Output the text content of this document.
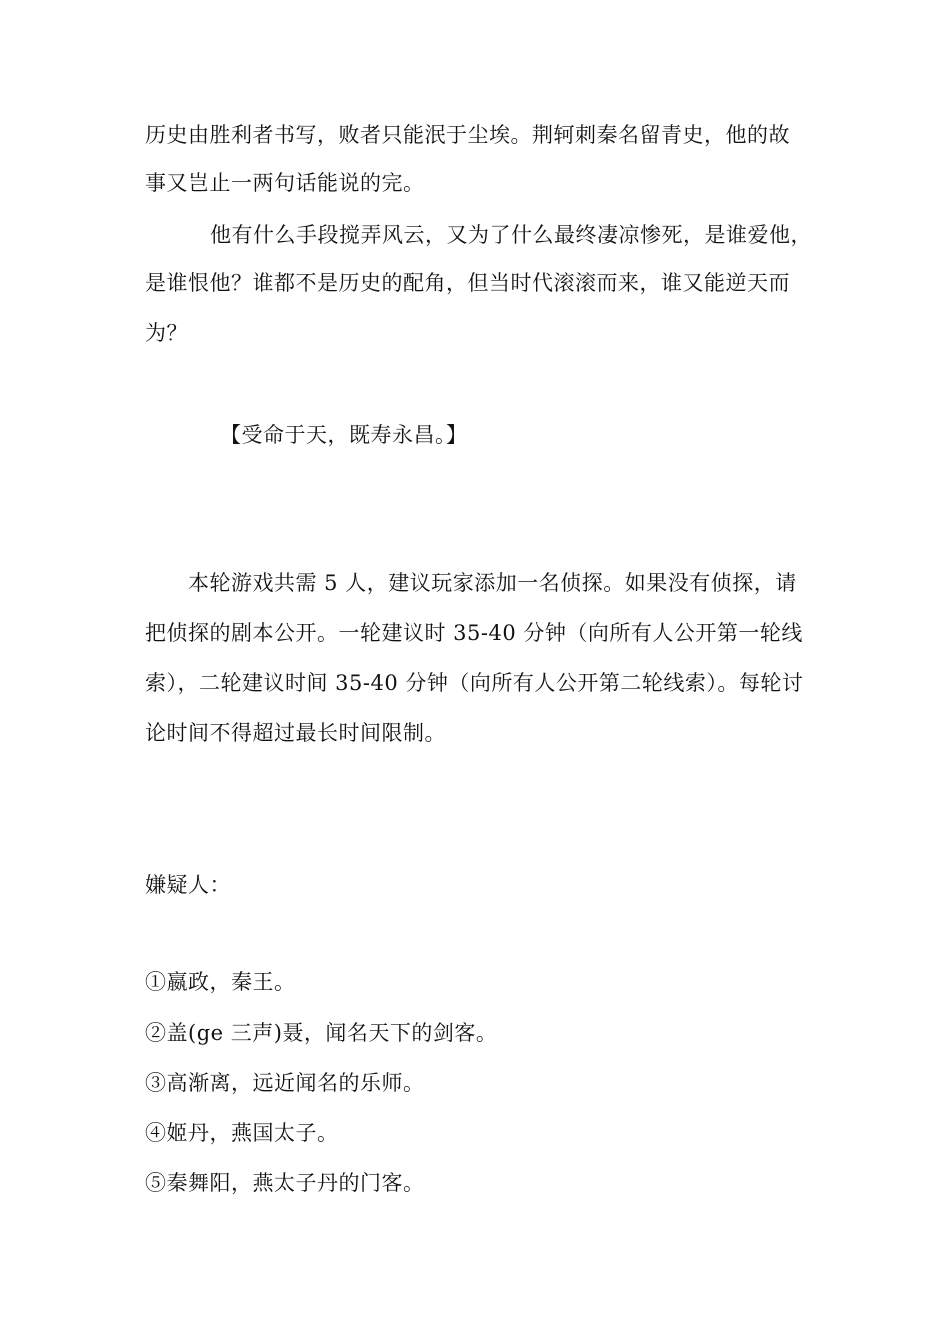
历史由胜利者书写，败者只能泯于尘埃。荆轲刺秦名留青史，他的故
事又岂止一两句话能说的完。
他有什么手段搅弄风云，又为了什么最终凄凉惨死，是谁爱他，
是谁恨他？谁都不是历史的配角，但当时代滚滚而来，谁又能逆天而
为？
【受命于天，既寿永昌。】
本轮游戏共需 5 人，建议玩家添加一名侦探。如果没有侦探，请
把侦探的剧本公开。一轮建议时 35-40 分钟（向所有人公开第一轮线
索），二轮建议时间 35-40 分钟（向所有人公开第二轮线索）。每轮讨
论时间不得超过最长时间限制。
嫌疑人：
①嬴政，秦王。
②盖(ge 三声)聂，闻名天下的剑客。
③高渐离，远近闻名的乐师。
④姬丹，燕国太子。
⑤秦舞阳，燕太子丹的门客。
